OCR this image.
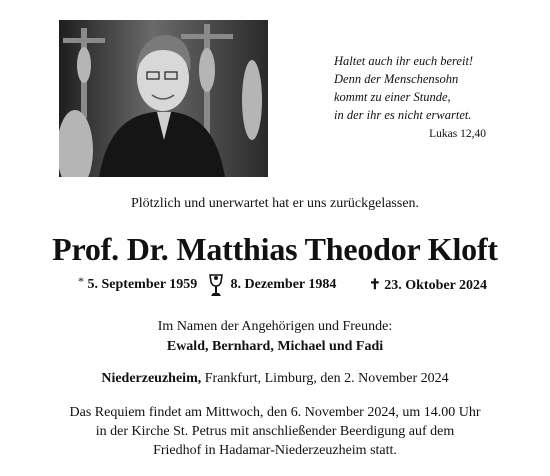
Haltet auch ihr euch bereit!
Denn der Menschensohn
kommt zu einer Stunde,
in der ihr es nicht erwartet.
Lukas 12,40
Plötzlich und unerwartet hat er uns zurückgelassen.
Prof. Dr. Matthias Theodor Kloft
* 5. September 1959	8. Dezember 1984 ✝ 23. Oktober 2024
Im Namen der Angehörigen und Freunde:
Ewald, Bernhard, Michael und Fadi
Niederzeuzheim, Frankfurt, Limburg, den 2. November 2024
Das Requiem findet am Mittwoch, den 6. November 2024, um 14.00 Uhr
in der Kirche St. Petrus mit anschließender Beerdigung auf dem
Friedhof in Hadamar-Niederzeuzheim statt.
